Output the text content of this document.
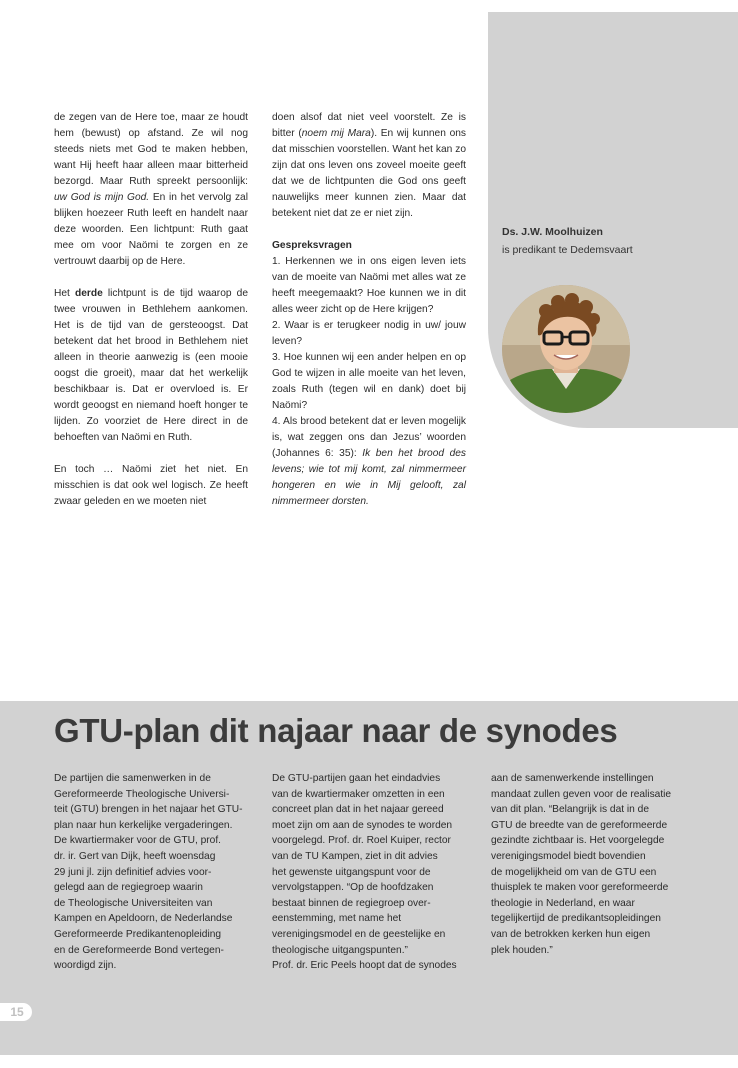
Ds. J.W. Moolhuizen
is predikant te Dedemsvaart

de zegen van de Here toe, maar ze houdt hem (bewust) op afstand. Ze wil nog steeds niets met God te maken hebben, want Hij heeft haar alleen maar bitterheid bezorgd. Maar Ruth spreekt persoonlijk: uw God is mijn God. En in het vervolg zal blijken hoezeer Ruth leeft en handelt naar deze woorden. Een lichtpunt: Ruth gaat mee om voor Naömi te zorgen en ze vertrouwt daarbij op de Here.

Het derde lichtpunt is de tijd waarop de twee vrouwen in Bethlehem aankomen. Het is de tijd van de gersteoogst. Dat betekent dat het brood in Bethlehem niet alleen in theorie aanwezig is (een mooie oogst die groeit), maar dat het werkelijk beschikbaar is. Dat er overvloed is. Er wordt geoogst en niemand hoeft honger te lijden. Zo voorziet de Here direct in de behoeften van Naömi en Ruth.

En toch … Naömi ziet het niet. En misschien is dat ook wel logisch. Ze heeft zwaar geleden en we moeten niet

doen alsof dat niet veel voorstelt. Ze is bitter (noem mij Mara). En wij kunnen ons dat misschien voorstellen. Want het kan zo zijn dat ons leven ons zoveel moeite geeft dat we de lichtpunten die God ons geeft nauwelijks meer kunnen zien. Maar dat betekent niet dat ze er niet zijn.

Gespreksvragen

1. Herkennen we in ons eigen leven iets van de moeite van Naömi met alles wat ze heeft meegemaakt? Hoe kunnen we in dit alles weer zicht op de Here krijgen?

2. Waar is er terugkeer nodig in uw/ jouw leven?

3. Hoe kunnen wij een ander helpen en op God te wijzen in alle moeite van het leven, zoals Ruth (tegen wil en dank) doet bij Naömi?

4. Als brood betekent dat er leven mogelijk is, wat zeggen ons dan Jezus’ woorden (Johannes 6: 35): Ik ben het brood des levens; wie tot mij komt, zal nimmermeer hongeren en wie in Mij gelooft, zal nimmermeer dorsten.

GTU-plan dit najaar naar de synodes
De partijen die samenwerken in de
Gereformeerde Theologische Universi-
teit (GTU) brengen in het najaar het GTU-
plan naar hun kerkelijke vergaderingen.
De kwartiermaker voor de GTU, prof.
dr. ir. Gert van Dijk, heeft woensdag
29 juni jl. zijn definitief advies voor-
gelegd aan de regiegroep waarin
de Theologische Universiteiten van
Kampen en Apeldoorn, de Nederlandse
Gereformeerde Predikantenopleiding
en de Gereformeerde Bond vertegen-
woordigd zijn.
De GTU-partijen gaan het eindadvies
van de kwartiermaker omzetten in een
concreet plan dat in het najaar gereed
moet zijn om aan de synodes te worden
voorgelegd. Prof. dr. Roel Kuiper, rector
van de TU Kampen, ziet in dit advies
het gewenste uitgangspunt voor de
vervolgstappen. “Op de hoofdzaken
bestaat binnen de regiegroep over-
eenstemming, met name het
verenigingsmodel en de geestelijke en
theologische uitgangspunten.”
Prof. dr. Eric Peels hoopt dat de synodes
aan de samenwerkende instellingen
mandaat zullen geven voor de realisatie
van dit plan. “Belangrijk is dat in de
GTU de breedte van de gereformeerde
gezindte zichtbaar is. Het voorgelegde
verenigingsmodel biedt bovendien
de mogelijkheid om van de GTU een
thuisplek te maken voor gereformeerde
theologie in Nederland, en waar
tegelijkertijd de predikantsopleidingen
van de betrokken kerken hun eigen
plek houden.”
15
